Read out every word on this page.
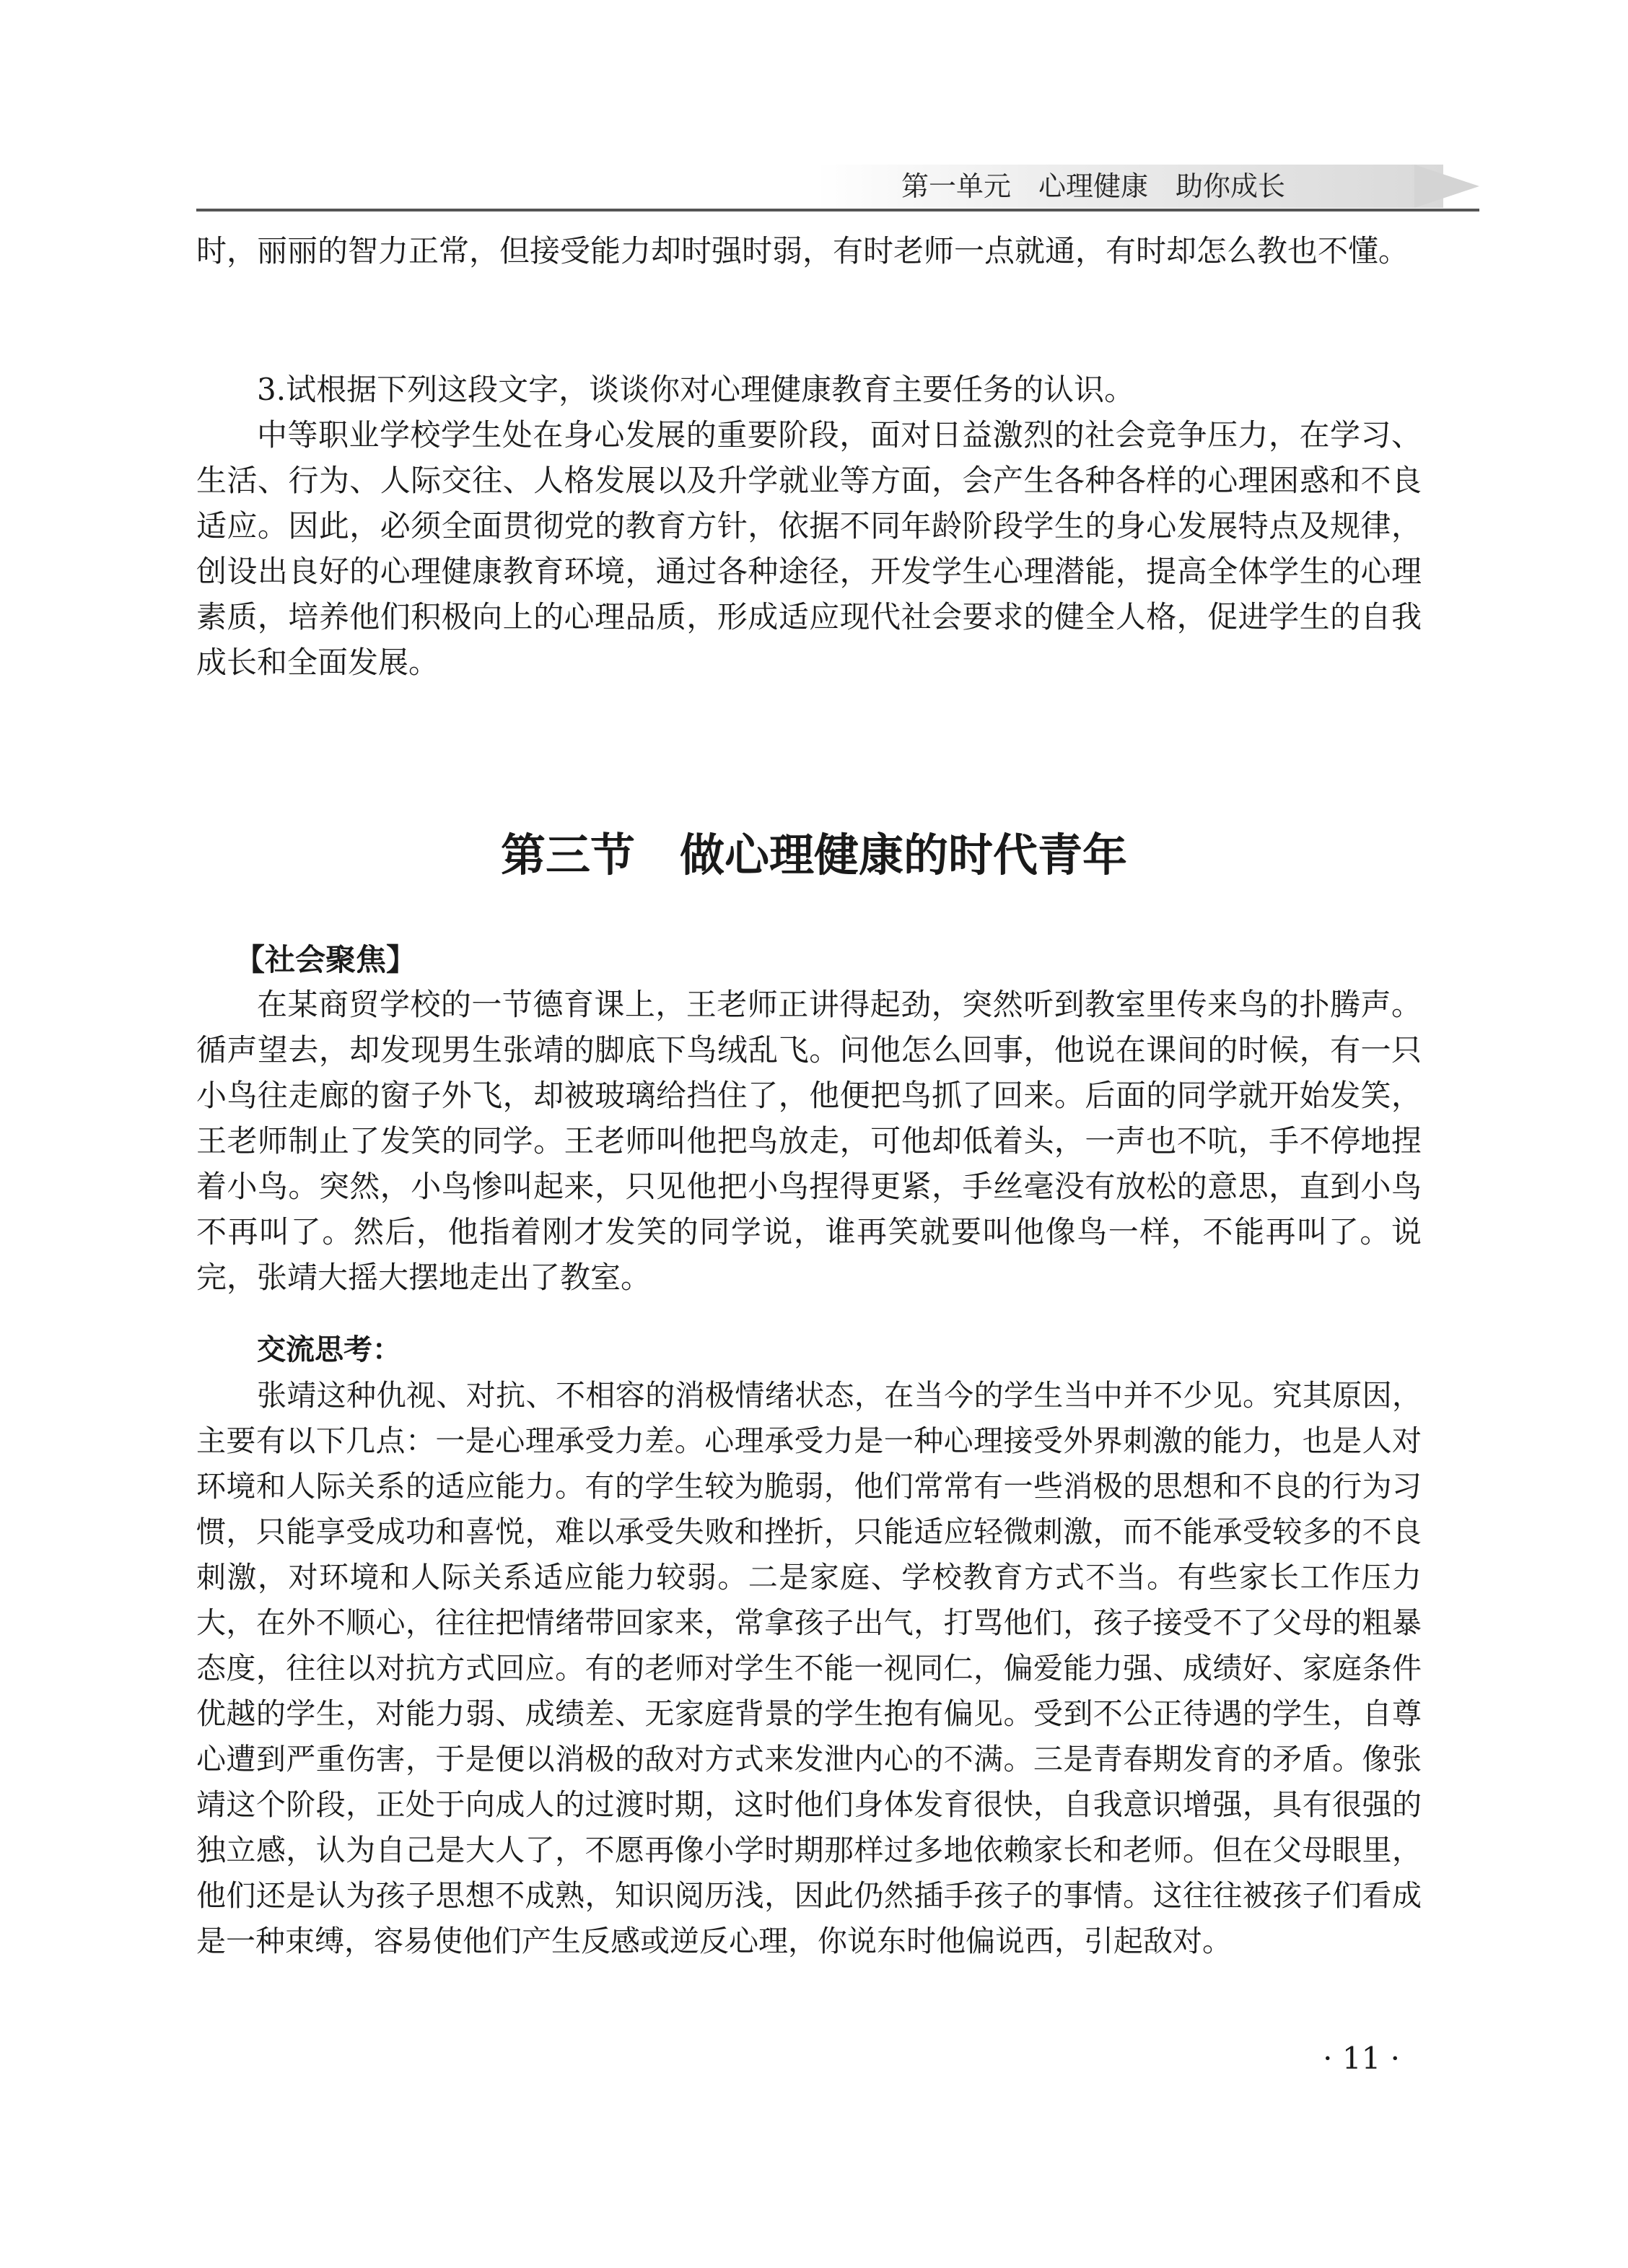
第一单元　心理健康　助你成长

时，丽丽的智力正常，但接受能力却时强时弱，有时老师一点就通，有时却怎么教也不懂。

3.试根据下列这段文字，谈谈你对心理健康教育主要任务的认识。

中等职业学校学生处在身心发展的重要阶段，面对日益激烈的社会竞争压力，在学习、生活、行为、人际交往、人格发展以及升学就业等方面，会产生各种各样的心理困惑和不良适应。因此，必须全面贯彻党的教育方针，依据不同年龄阶段学生的身心发展特点及规律，创设出良好的心理健康教育环境，通过各种途径，开发学生心理潜能，提高全体学生的心理素质，培养他们积极向上的心理品质，形成适应现代社会要求的健全人格，促进学生的自我成长和全面发展。

第三节　做心理健康的时代青年
【社会聚焦】

在某商贸学校的一节德育课上，王老师正讲得起劲，突然听到教室里传来鸟的扑腾声。循声望去，却发现男生张靖的脚底下鸟绒乱飞。问他怎么回事，他说在课间的时候，有一只小鸟往走廊的窗子外飞，却被玻璃给挡住了，他便把鸟抓了回来。后面的同学就开始发笑，王老师制止了发笑的同学。王老师叫他把鸟放走，可他却低着头，一声也不吭，手不停地捏着小鸟。突然，小鸟惨叫起来，只见他把小鸟捏得更紧，手丝毫没有放松的意思，直到小鸟不再叫了。然后，他指着刚才发笑的同学说，谁再笑就要叫他像鸟一样，不能再叫了。说完，张靖大摇大摆地走出了教室。

交流思考：

张靖这种仇视、对抗、不相容的消极情绪状态，在当今的学生当中并不少见。究其原因，主要有以下几点：一是心理承受力差。心理承受力是一种心理接受外界刺激的能力，也是人对环境和人际关系的适应能力。有的学生较为脆弱，他们常常有一些消极的思想和不良的行为习惯，只能享受成功和喜悦，难以承受失败和挫折，只能适应轻微刺激，而不能承受较多的不良刺激，对环境和人际关系适应能力较弱。二是家庭、学校教育方式不当。有些家长工作压力大，在外不顺心，往往把情绪带回家来，常拿孩子出气，打骂他们，孩子接受不了父母的粗暴态度，往往以对抗方式回应。有的老师对学生不能一视同仁，偏爱能力强、成绩好、家庭条件优越的学生，对能力弱、成绩差、无家庭背景的学生抱有偏见。受到不公正待遇的学生，自尊心遭到严重伤害，于是便以消极的敌对方式来发泄内心的不满。三是青春期发育的矛盾。像张靖这个阶段，正处于向成人的过渡时期，这时他们身体发育很快，自我意识增强，具有很强的独立感，认为自己是大人了，不愿再像小学时期那样过多地依赖家长和老师。但在父母眼里，他们还是认为孩子思想不成熟，知识阅历浅，因此仍然插手孩子的事情。这往往被孩子们看成是一种束缚，容易使他们产生反感或逆反心理，你说东时他偏说西，引起敌对。

· 11 ·
